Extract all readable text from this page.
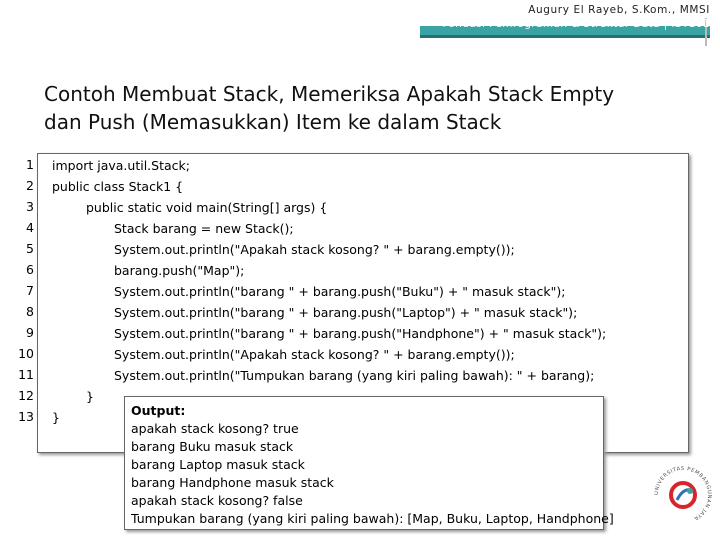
Augury El Rayeb, S.Kom., MMSI
Fondasi Pemrograman & Struktur Data | IST101
Contoh Membuat Stack, Memeriksa Apakah Stack Empty
dan Push (Memasukkan) Item ke dalam Stack
1
2
3
4
5
6
7
8
9
10
11
12
13
import java.util.Stack;
public class Stack1 {
public static void main(String[] args) {
Stack barang = new Stack();
System.out.println("Apakah stack kosong? " + barang.empty());
barang.push("Map");
System.out.println("barang " + barang.push("Buku") + " masuk stack");
System.out.println("barang " + barang.push("Laptop") + " masuk stack");
System.out.println("barang " + barang.push("Handphone") + " masuk stack");
System.out.println("Apakah stack kosong? " + barang.empty());
System.out.println("Tumpukan barang (yang kiri paling bawah): " + barang);
}
}	Output:
apakah stack kosong? true
barang Buku masuk stack
barang Laptop masuk stack
barang Handphone masuk stack
apakah stack kosong? false
Tumpukan barang (yang kiri paling bawah): [Map, Buku, Laptop, Handphone]
UNIVERSITAS PEMBANGUNAN JAYA
